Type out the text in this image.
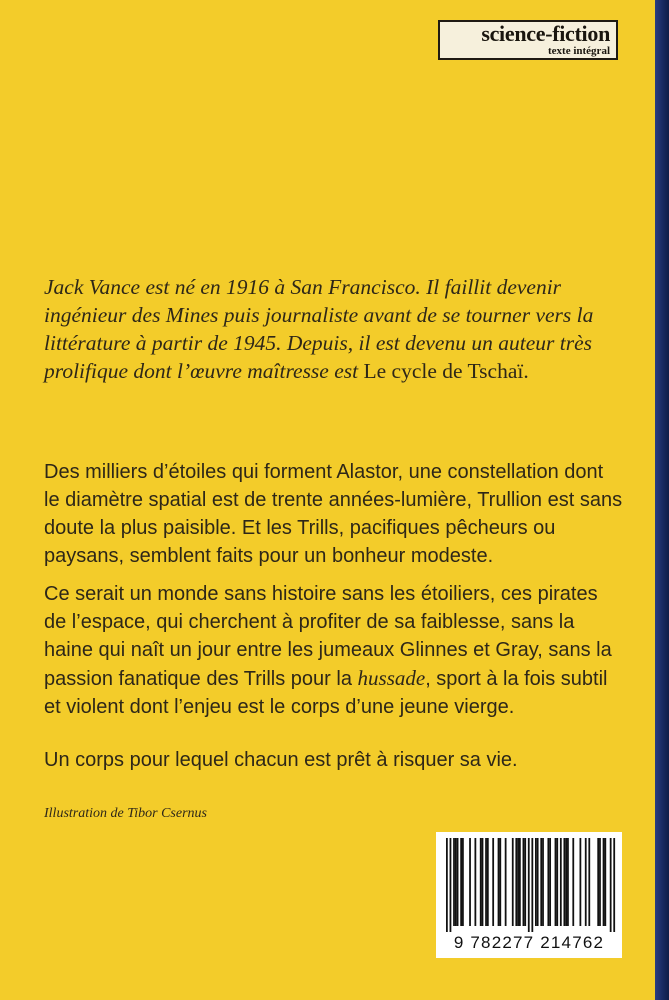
science-fiction
texte intégral

Jack Vance est né en 1916 à San Francisco. Il faillit devenir ingénieur des Mines puis journaliste avant de se tourner vers la littérature à partir de 1945. Depuis, il est devenu un auteur très prolifique dont l’œuvre maîtresse est Le cycle de Tschaï.

Des milliers d’étoiles qui forment Alastor, une constellation dont le diamètre spatial est de trente années-lumière, Trullion est sans doute la plus paisible. Et les Trills, pacifiques pêcheurs ou paysans, semblent faits pour un bonheur modeste.

Ce serait un monde sans histoire sans les étoiliers, ces pirates de l’espace, qui cherchent à profiter de sa faiblesse, sans la haine qui naît un jour entre les jumeaux Glinnes et Gray, sans la passion fanatique des Trills pour la hussade, sport à la fois subtil et violent dont l’enjeu est le corps d’une jeune vierge.

Un corps pour lequel chacun est prêt à risquer sa vie.

Illustration de Tibor Csernus

9 782277 214762
